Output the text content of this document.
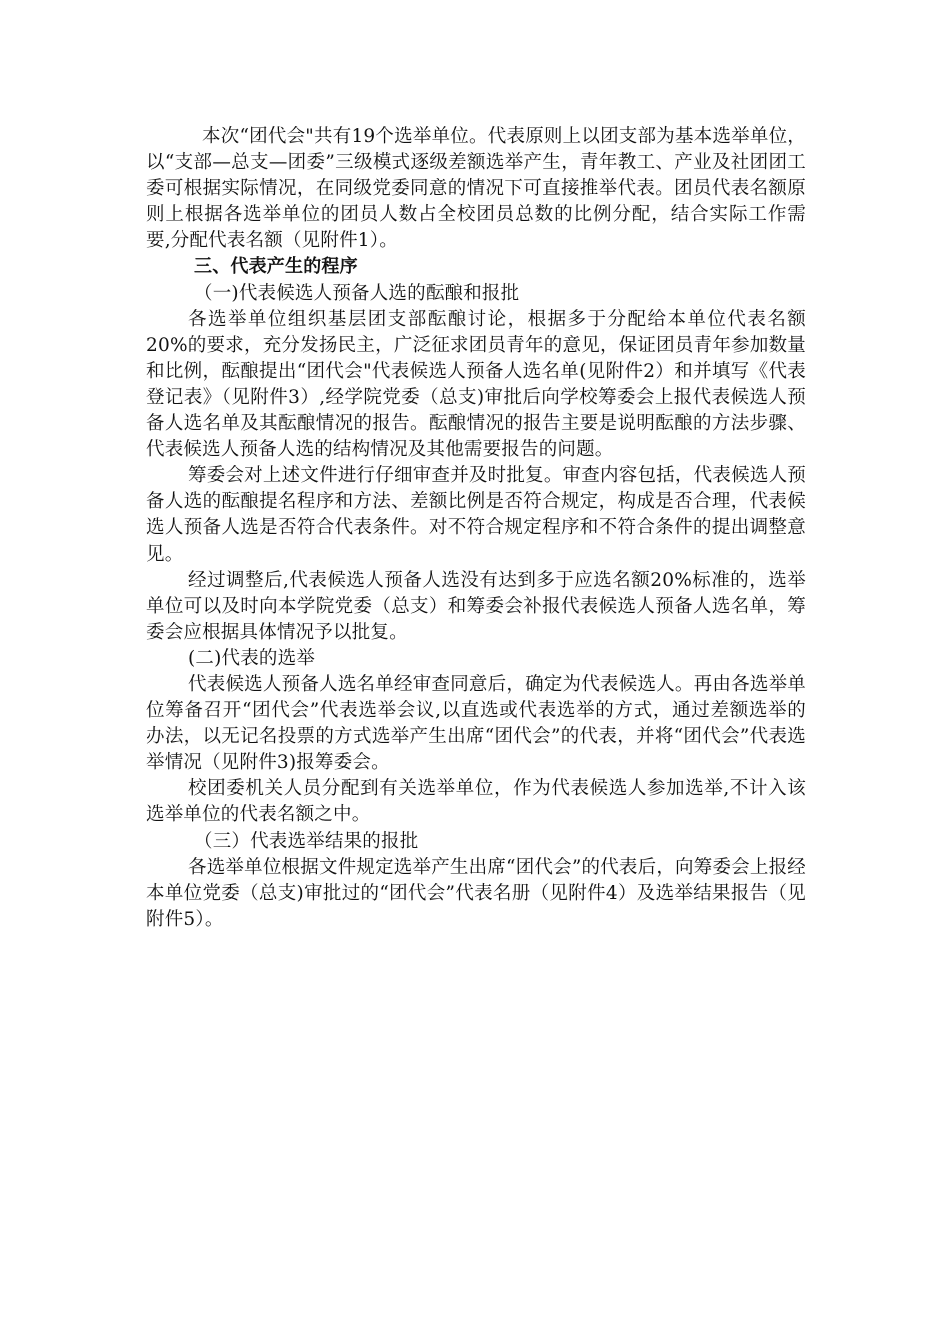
本次“团代会"共有19个选举单位。代表原则上以团支部为基本选举单位，以“支部—总支—团委”三级模式逐级差额选举产生，青年教工、产业及社团团工委可根据实际情况，在同级党委同意的情况下可直接推举代表。团员代表名额原则上根据各选举单位的团员人数占全校团员总数的比例分配，结合实际工作需要,分配代表名额（见附件1）。

三、代表产生的程序

（一)代表候选人预备人选的酝酿和报批

各选举单位组织基层团支部酝酿讨论，根据多于分配给本单位代表名额20%的要求，充分发扬民主，广泛征求团员青年的意见，保证团员青年参加数量和比例，酝酿提出“团代会"代表候选人预备人选名单(见附件2）和并填写《代表登记表》（见附件3）,经学院党委（总支)审批后向学校筹委会上报代表候选人预备人选名单及其酝酿情况的报告。酝酿情况的报告主要是说明酝酿的方法步骤、代表候选人预备人选的结构情况及其他需要报告的问题。

筹委会对上述文件进行仔细审查并及时批复。审查内容包括，代表候选人预备人选的酝酿提名程序和方法、差额比例是否符合规定，构成是否合理，代表候选人预备人选是否符合代表条件。对不符合规定程序和不符合条件的提出调整意见。

经过调整后,代表候选人预备人选没有达到多于应选名额20%标准的，选举单位可以及时向本学院党委（总支）和筹委会补报代表候选人预备人选名单，筹委会应根据具体情况予以批复。

(二)代表的选举

代表候选人预备人选名单经审查同意后，确定为代表候选人。再由各选举单位筹备召开“团代会”代表选举会议,以直选或代表选举的方式，通过差额选举的办法，以无记名投票的方式选举产生出席“团代会”的代表，并将“团代会”代表选举情况（见附件3)报筹委会。

校团委机关人员分配到有关选举单位，作为代表候选人参加选举,不计入该选举单位的代表名额之中。

（三）代表选举结果的报批

各选举单位根据文件规定选举产生出席“团代会”的代表后，向筹委会上报经本单位党委（总支)审批过的“团代会”代表名册（见附件4）及选举结果报告（见附件5）。
